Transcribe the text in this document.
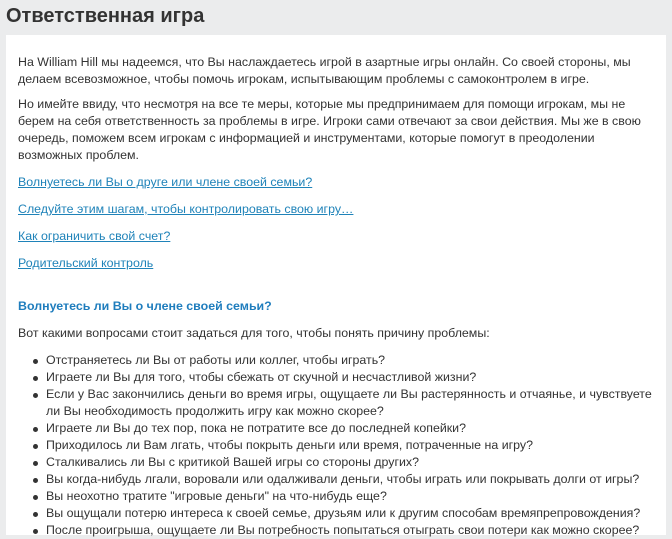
Ответственная игра

На William Hill мы надеемся, что Вы наслаждаетесь игрой в азартные игры онлайн. Со своей стороны, мы делаем всевозможное, чтобы помочь игрокам, испытывающим проблемы с самоконтролем в игре.

Но имейте ввиду, что несмотря на все те меры, которые мы предпринимаем для помощи игрокам, мы не берем на себя ответственность за проблемы в игре. Игроки сами отвечают за свои действия. Мы же в свою очередь, поможем всем игрокам с информацией и инструментами, которые помогут в преодолении возможных проблем.

Волнуетесь ли Вы о друге или члене своей семьи?
Следуйте этим шагам, чтобы контролировать свою игру…
Как ограничить свой счет?
Родительский контроль
Волнуетесь ли Вы о члене своей семьи?

Вот какими вопросами стоит задаться для того, чтобы понять причину проблемы:

Отстраняетесь ли Вы от работы или коллег, чтобы играть?
Играете ли Вы для того, чтобы сбежать от скучной и несчастливой жизни?
Если у Вас закончились деньги во время игры, ощущаете ли Вы растерянность и отчаянье, и чувствуете ли Вы необходимость продолжить игру как можно скорее?
Играете ли Вы до тех пор, пока не потратите все до последней копейки?
Приходилось ли Вам лгать, чтобы покрыть деньги или время, потраченные на игру?
Сталкивались ли Вы с критикой Вашей игры со стороны других?
Вы когда-нибудь лгали, воровали или одалживали деньги, чтобы играть или покрывать долги от игры?
Вы неохотно тратите "игровые деньги" на что-нибудь еще?
Вы ощущали потерю интереса к своей семье, друзьям или к другим способам времяпрепровождения?
После проигрыша, ощущаете ли Вы потребность попытаться отыграть свои потери как можно скорее?
